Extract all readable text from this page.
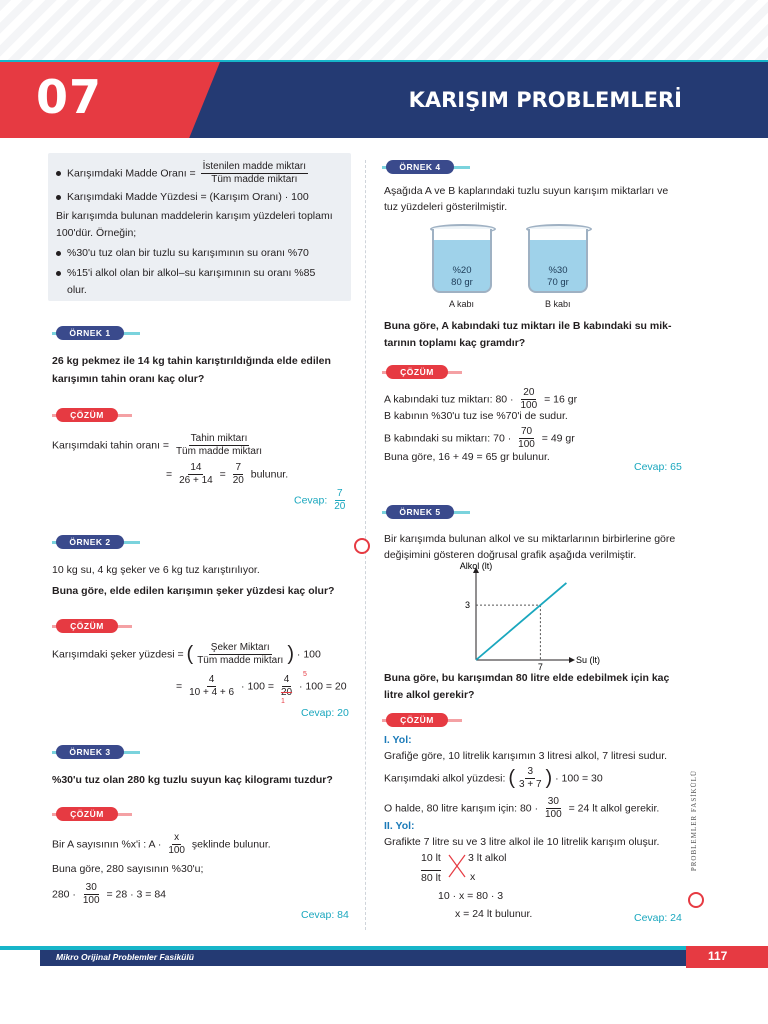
07	KARIŞIM PROBLEMLERİ
Karışımdaki Madde Oranı = $\frac{\text{İstenilen madde miktarı}}{\text{Tüm madde miktarı}}$
Karışımdaki Madde Yüzdesi = (Karışım Oranı) · 100
Bir karışımda bulunan maddelerin karışım yüzdeleri toplamı
100'dür. Örneğin;
%30'u tuz olan bir tuzlu su karışımının su oranı %70
%15'i alkol olan bir alkol–su karışımının su oranı %85
olur.
ÖRNEK 1
26 kg pekmez ile 14 kg tahin karıştırıldığında elde edilen
karışımın tahin oranı kaç olur?
ÇÖZÜM
Karışımdaki tahin oranı = $\frac{\text{Tahin miktarı}}{\text{Tüm madde miktarı}}$
= $\frac{14}{26 + 14} = \frac{7}{20}$ bulunur.
Cevap: $\frac{7}{20}$
ÖRNEK 2
10 kg su, 4 kg şeker ve 6 kg tuz karıştırılıyor.
Buna göre, elde edilen karışımın şeker yüzdesi kaç olur?
ÇÖZÜM
Karışımdaki şeker yüzdesi = ( $\frac{\text{Şeker Miktarı}}{\text{Tüm madde miktarı}}$ ) · 100
= $\frac{4}{10 + 4 + 6} \cdot 100 = \frac{4}{20}$
5
1
· 100 = 20
Cevap: 20
ÖRNEK 3
%30'u tuz olan 280 kg tuzlu suyun kaç kilogramı tuzdur?
ÇÖZÜM
Bir A sayısının %x'i : $A \cdot \frac{x}{100}$ şeklinde bulunur.
Buna göre, 280 sayısının %30'u;
$280 \cdot \frac{30}{100} = 28 \cdot 3 = 84$
Cevap: 84
ÖRNEK 4
Aşağıda A ve B kaplarındaki tuzlu suyun karışım miktarları ve
tuz yüzdeleri gösterilmiştir.
%20
80 gr
A kabı
%30
70 gr
B kabı
Buna göre, A kabındaki tuz miktarı ile B kabındaki su mik-
tarının toplamı kaç gramdır?
ÇÖZÜM
A kabındaki tuz miktarı: $80 \cdot \frac{20}{100} = 16$ gr
B kabının %30'u tuz ise %70'i de sudur.
B kabındaki su miktarı: $70 \cdot \frac{70}{100} = 49$ gr
Buna göre, 16 + 49 = 65 gr bulunur.
Cevap: 65
ÖRNEK 5
Bir karışımda bulunan alkol ve su miktarlarının birbirlerine göre
değişimini gösteren doğrusal grafik aşağıda verilmiştir.
7
3
Su (lt)
Alkol (lt)
Buna göre, bu karışımdan 80 litre elde edebilmek için kaç
litre alkol gerekir?
ÇÖZÜM
I. Yol:
Grafiğe göre, 10 litrelik karışımın 3 litresi alkol, 7 litresi sudur.
Karışımdaki alkol yüzdesi: ( $\frac{3}{3 + 7}$ ) · 100 = 30
O halde, 80 litre karışım için: $80 \cdot \frac{30}{100} = 24$ lt alkol gerekir.
II. Yol:
Grafikte 7 litre su ve 3 litre alkol ile 10 litrelik karışım oluşur.
10 lt	3 lt alkol
80 lt	x
10 · x = 80 · 3
x = 24 lt bulunur.	Cevap: 24
PROBLEMLER FASİKÜLÜ
Mikro Orijinal Problemler Fasikülü	117
